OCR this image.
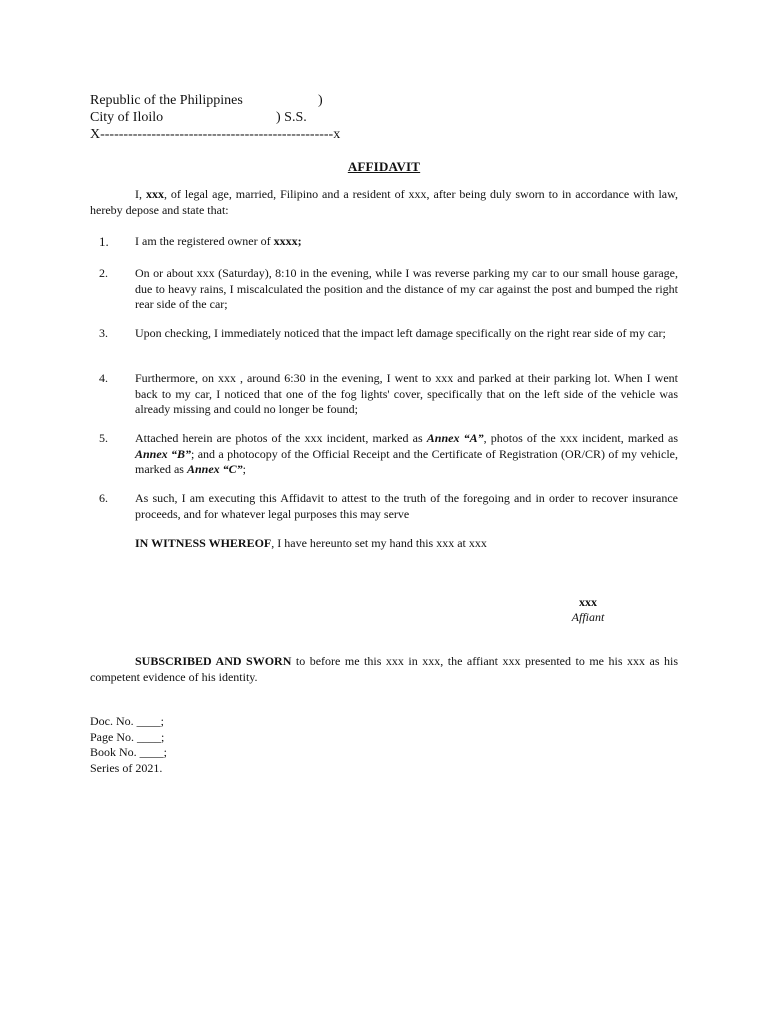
Republic of the Philippines	)
City of Iloilo	) S.S.
X--------------------------------------------------x
AFFIDAVIT
I, xxx, of legal age, married, Filipino and a resident of xxx, after being duly sworn to in accordance with law, hereby depose and state that:
1. I am the registered owner of xxxx;
2. On or about xxx (Saturday), 8:10 in the evening, while I was reverse parking my car to our small house garage, due to heavy rains, I miscalculated the position and the distance of my car against the post and bumped the right rear side of the car;
3. Upon checking, I immediately noticed that the impact left damage specifically on the right rear side of my car;
4. Furthermore, on xxx , around 6:30 in the evening, I went to xxx and parked at their parking lot. When I went back to my car, I noticed that one of the fog lights' cover, specifically that on the left side of the vehicle was already missing and could no longer be found;
5. Attached herein are photos of the xxx incident, marked as Annex “A”, photos of the xxx incident, marked as Annex “B”; and a photocopy of the Official Receipt and the Certificate of Registration (OR/CR) of my vehicle, marked as Annex “C”;
6. As such, I am executing this Affidavit to attest to the truth of the foregoing and in order to recover insurance proceeds, and for whatever legal purposes this may serve
IN WITNESS WHEREOF, I have hereunto set my hand this xxx at xxx
xxx
Affiant
SUBSCRIBED AND SWORN to before me this xxx in xxx, the affiant xxx presented to me his xxx as his competent evidence of his identity.
Doc. No. ____;
Page No. ____;
Book No. ____;
Series of 2021.
